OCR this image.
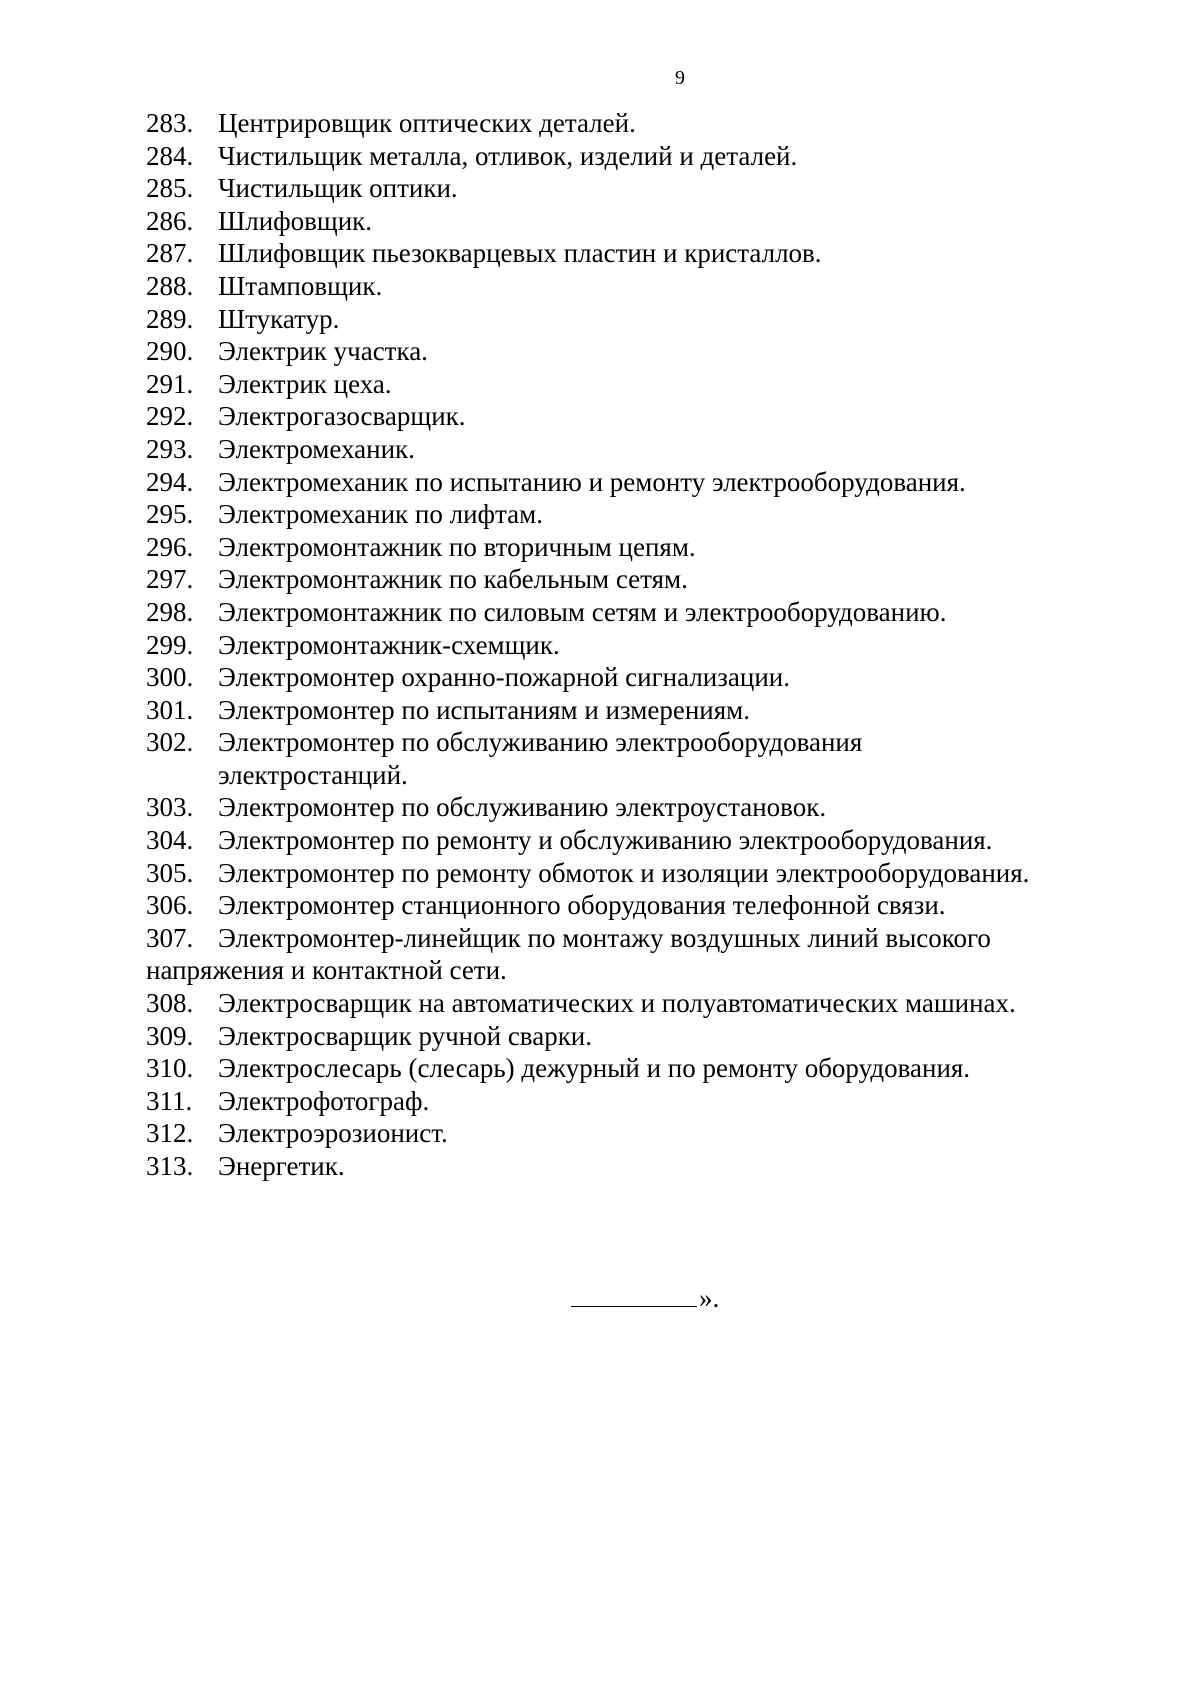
9
283. Центрировщик оптических деталей.
284. Чистильщик металла, отливок, изделий и деталей.
285. Чистильщик оптики.
286. Шлифовщик.
287. Шлифовщик пьезокварцевых пластин и кристаллов.
288. Штамповщик.
289. Штукатур.
290. Электрик участка.
291. Электрик цеха.
292. Электрогазосварщик.
293. Электромеханик.
294. Электромеханик по испытанию и ремонту электрооборудования.
295. Электромеханик по лифтам.
296. Электромонтажник по вторичным цепям.
297. Электромонтажник по кабельным сетям.
298. Электромонтажник по силовым сетям и электрооборудованию.
299. Электромонтажник-схемщик.
300. Электромонтер охранно-пожарной сигнализации.
301. Электромонтер по испытаниям и измерениям.
302. Электромонтер по обслуживанию электрооборудования электростанций.
303. Электромонтер по обслуживанию электроустановок.
304. Электромонтер по ремонту и обслуживанию электрооборудования.
305. Электромонтер по ремонту обмоток и изоляции электрооборудования.
306. Электромонтер станционного оборудования телефонной связи.
307. Электромонтер-линейщик по монтажу воздушных линий высокого напряжения и контактной сети.
308. Электросварщик на автоматических и полуавтоматических машинах.
309. Электросварщик ручной сварки.
310. Электрослесарь (слесарь) дежурный и по ремонту оборудования.
311. Электрофотограф.
312. Электроэрозионист.
313. Энергетик.
».
